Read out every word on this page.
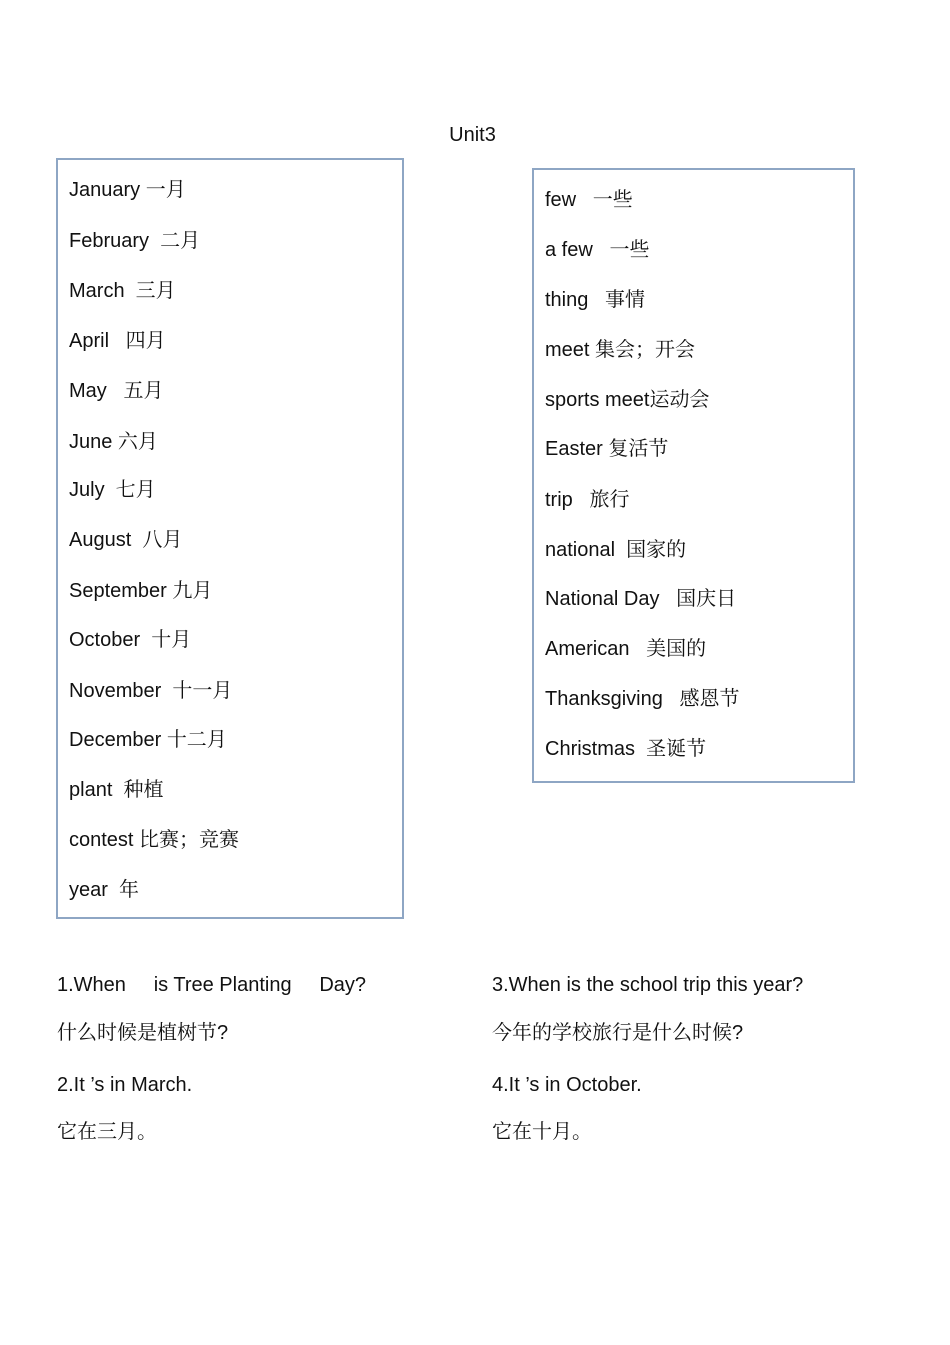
Unit3
January 一月
February  二月
March  三月
April   四月
May   五月
June 六月
July  七月
August  八月
September 九月
October  十月
November  十一月
December 十二月
plant  种植
contest 比赛；竞赛
year  年
few   一些
a few   一些
thing   事情
meet 集会；开会
sports meet运动会
Easter 复活节
trip   旅行
national  国家的
National Day   国庆日
American   美国的
Thanksgiving   感恩节
Christmas  圣诞节
1.When     is Tree Planting     Day?
什么时候是植树节?
2.It ’s in March.
它在三月。
3.When is the school trip this year?
今年的学校旅行是什么时候?
4.It ’s in October.
它在十月。
